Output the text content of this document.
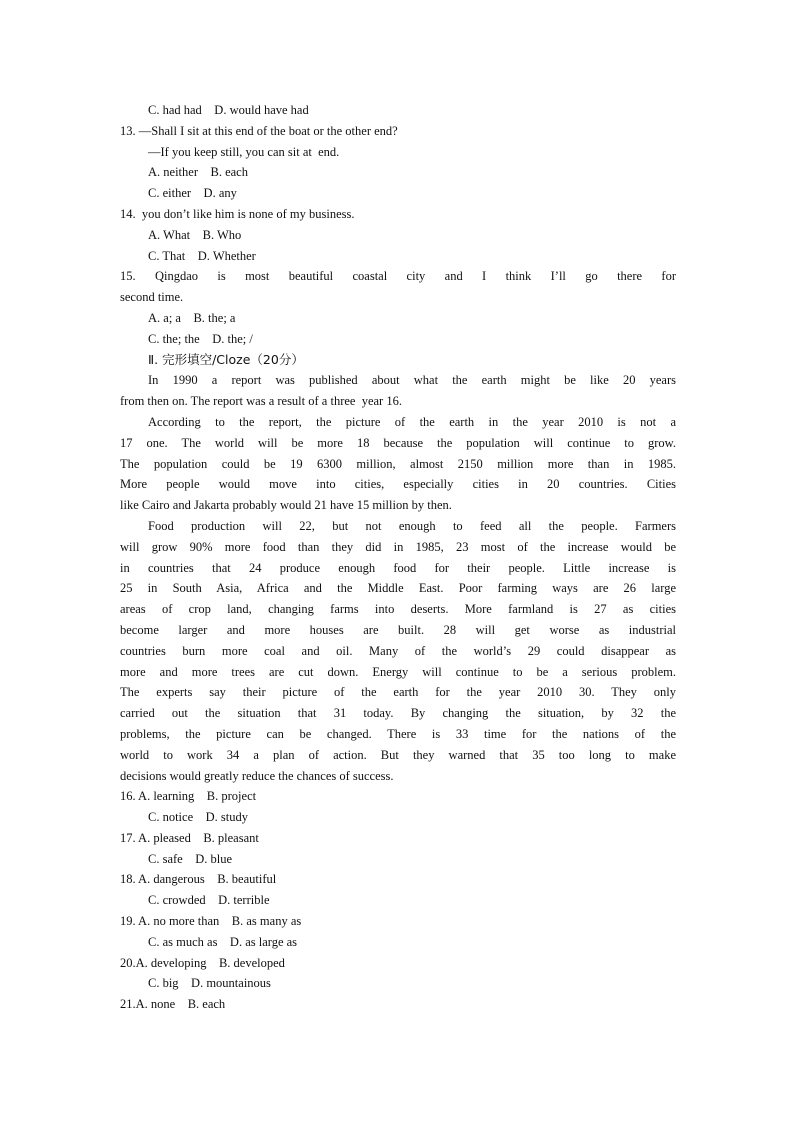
C. had had    D. would have had
13. —Shall I sit at this end of the boat or the other end?
—If you keep still, you can sit at  end.
A. neither    B. each
C. either    D. any
14.  you don’t like him is none of my business.
A. What    B. Who
C. That    D. Whether
15. Qingdao is most beautiful coastal city and I think I’ll go there for
second time.
A. a; a    B. the; a
C. the; the    D. the; /
Ⅱ. 完形填空/Cloze（20分）
In 1990 a report was published about what the earth might be like 20 years
from then on. The report was a result of a three  year 16.
According to the report, the picture of the earth in the year 2010 is not a
17 one. The world will be more 18 because the population will continue to grow.
The population could be 19 6300 million, almost 2150 million more than in 1985.
More people would move into cities, especially cities in 20 countries. Cities
like Cairo and Jakarta probably would 21 have 15 million by then.
Food production will 22, but not enough to feed all the people. Farmers
will grow 90% more food than they did in 1985, 23 most of the increase would be
in countries that 24 produce enough food for their people. Little increase is
25 in South Asia, Africa and the Middle East. Poor farming ways are 26 large
areas of crop land, changing farms into deserts. More farmland is 27 as cities
become larger and more houses are built. 28 will get worse as industrial
countries burn more coal and oil. Many of the world’s 29 could disappear as
more and more trees are cut down. Energy will continue to be a serious problem.
The experts say their picture of the earth for the year 2010 30. They only
carried out the situation that 31 today. By changing the situation, by 32 the
problems, the picture can be changed. There is 33 time for the nations of the
world to work 34 a plan of action. But they warned that 35 too long to make
decisions would greatly reduce the chances of success.
16. A. learning    B. project
C. notice    D. study
17. A. pleased    B. pleasant
C. safe    D. blue
18. A. dangerous    B. beautiful
C. crowded    D. terrible
19. A. no more than    B. as many as
C. as much as    D. as large as
20.A. developing    B. developed
C. big    D. mountainous
21.A. none    B. each
